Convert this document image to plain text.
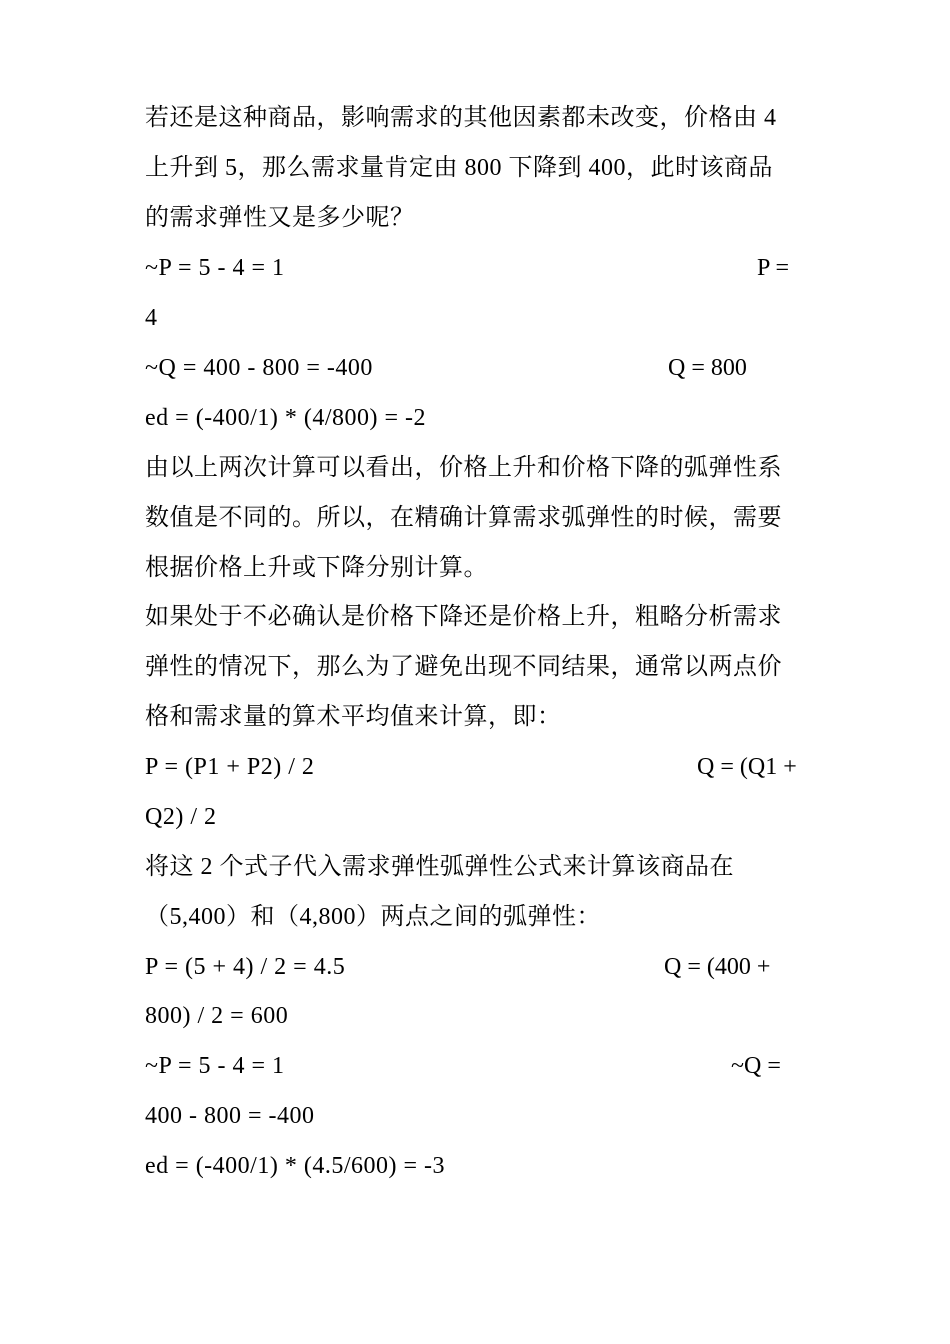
若还是这种商品，影响需求的其他因素都未改变，价格由 4
上升到 5，那么需求量肯定由 800 下降到 400，此时该商品
的需求弹性又是多少呢？
~P = 5 - 4 = 1	P =
4
~Q = 400 - 800 = -400	Q = 800
ed = (-400/1) * (4/800) = -2
由以上两次计算可以看出，价格上升和价格下降的弧弹性系
数值是不同的。所以，在精确计算需求弧弹性的时候，需要
根据价格上升或下降分别计算。
如果处于不必确认是价格下降还是价格上升，粗略分析需求
弹性的情况下，那么为了避免出现不同结果，通常以两点价
格和需求量的算术平均值来计算，即：
P = (P1 + P2) / 2	Q = (Q1 +
Q2) / 2
将这 2 个式子代入需求弹性弧弹性公式来计算该商品在
（5,400）和（4,800）两点之间的弧弹性：
P = (5 + 4) / 2 = 4.5	Q = (400 +
800) / 2 = 600
~P = 5 - 4 = 1	~Q =
400 - 800 = -400
ed = (-400/1) * (4.5/600) = -3
